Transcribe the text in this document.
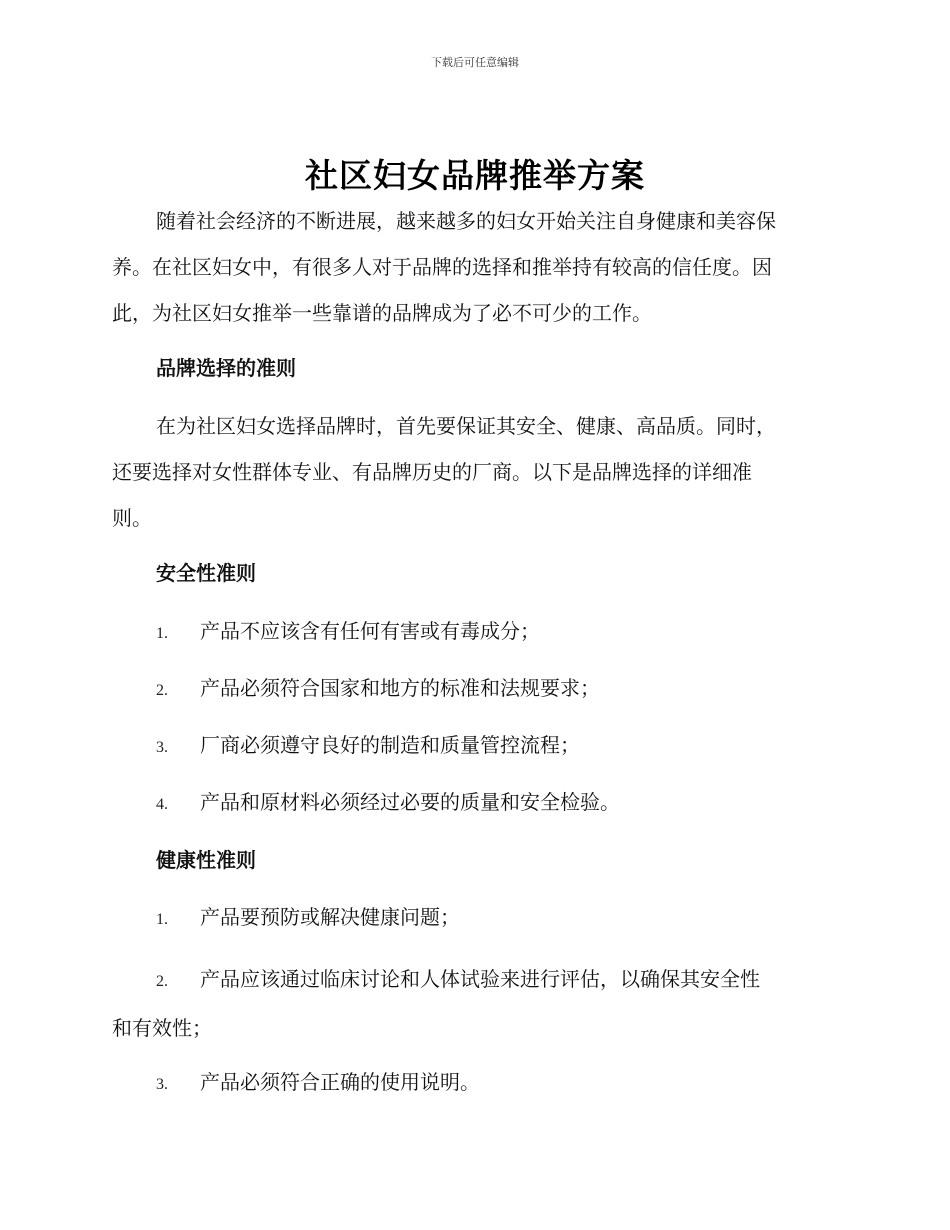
下载后可任意编辑
社区妇女品牌推举方案
随着社会经济的不断进展，越来越多的妇女开始关注自身健康和美容保
养。在社区妇女中，有很多人对于品牌的选择和推举持有较高的信任度。因
此，为社区妇女推举一些靠谱的品牌成为了必不可少的工作。
品牌选择的准则
在为社区妇女选择品牌时，首先要保证其安全、健康、高品质。同时，
还要选择对女性群体专业、有品牌历史的厂商。以下是品牌选择的详细准
则。
安全性准则
1. 产品不应该含有任何有害或有毒成分；
2. 产品必须符合国家和地方的标准和法规要求；
3. 厂商必须遵守良好的制造和质量管控流程；
4. 产品和原材料必须经过必要的质量和安全检验。
健康性准则
1. 产品要预防或解决健康问题；
2. 产品应该通过临床讨论和人体试验来进行评估，以确保其安全性
和有效性；
3. 产品必须符合正确的使用说明。
